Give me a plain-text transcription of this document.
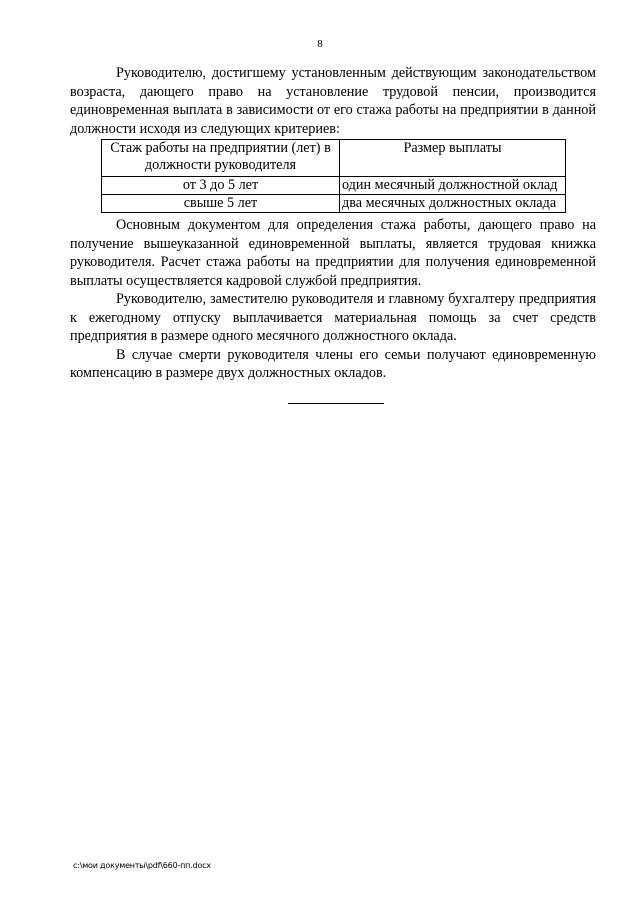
8

Руководителю, достигшему установленным действующим законодательством возраста, дающего право на установление трудовой пенсии, производится единовременная выплата в зависимости от его стажа работы на предприятии в данной должности исходя из следующих критериев:

Стаж работы на предприятии (лет) в должности руководителя	Размер выплаты
от 3 до 5 лет	один месячный должностной оклад
свыше 5 лет	два месячных должностных оклада

Основным документом для определения стажа работы, дающего право на получение вышеуказанной единовременной выплаты, является трудовая книжка руководителя. Расчет стажа работы на предприятии для получения единовременной выплаты осуществляется кадровой службой предприятия.

Руководителю, заместителю руководителя и главному бухгалтеру предприятия к ежегодному отпуску выплачивается материальная помощь за счет средств предприятия в размере одного месячного должностного оклада.

В случае смерти руководителя члены его семьи получают единовременную компенсацию в размере двух должностных окладов.

c:\мои документы\pdf\660-пп.docx
